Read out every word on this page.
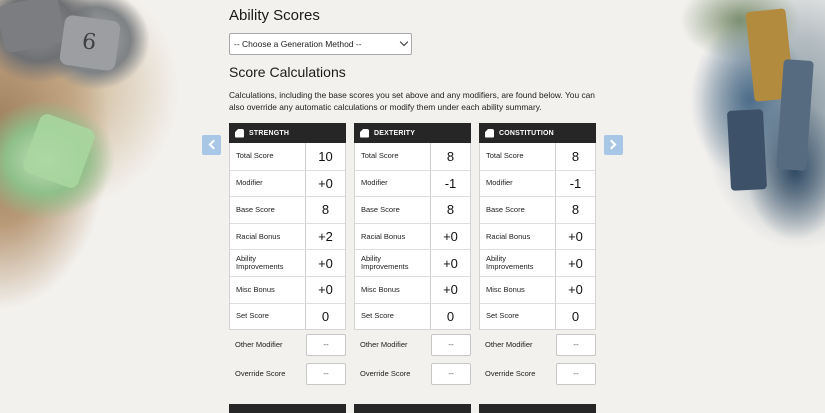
6
Ability Scores
-- Choose a Generation Method --
Score Calculations

Calculations, including the base scores you set above and any modifiers, are found below. You can also override any automatic calculations or modify them under each ability summary.

STRENGTH
Total Score	10
Modifier	+0
Base Score	8
Racial Bonus	+2
Ability Improvements	+0
Misc Bonus	+0
Set Score	0
Other Modifier	--
Override Score	--
DEXTERITY
Total Score	8
Modifier	-1
Base Score	8
Racial Bonus	+0
Ability Improvements	+0
Misc Bonus	+0
Set Score	0
Other Modifier	--
Override Score	--
CONSTITUTION
Total Score	8
Modifier	-1
Base Score	8
Racial Bonus	+0
Ability Improvements	+0
Misc Bonus	+0
Set Score	0
Other Modifier	--
Override Score	--
